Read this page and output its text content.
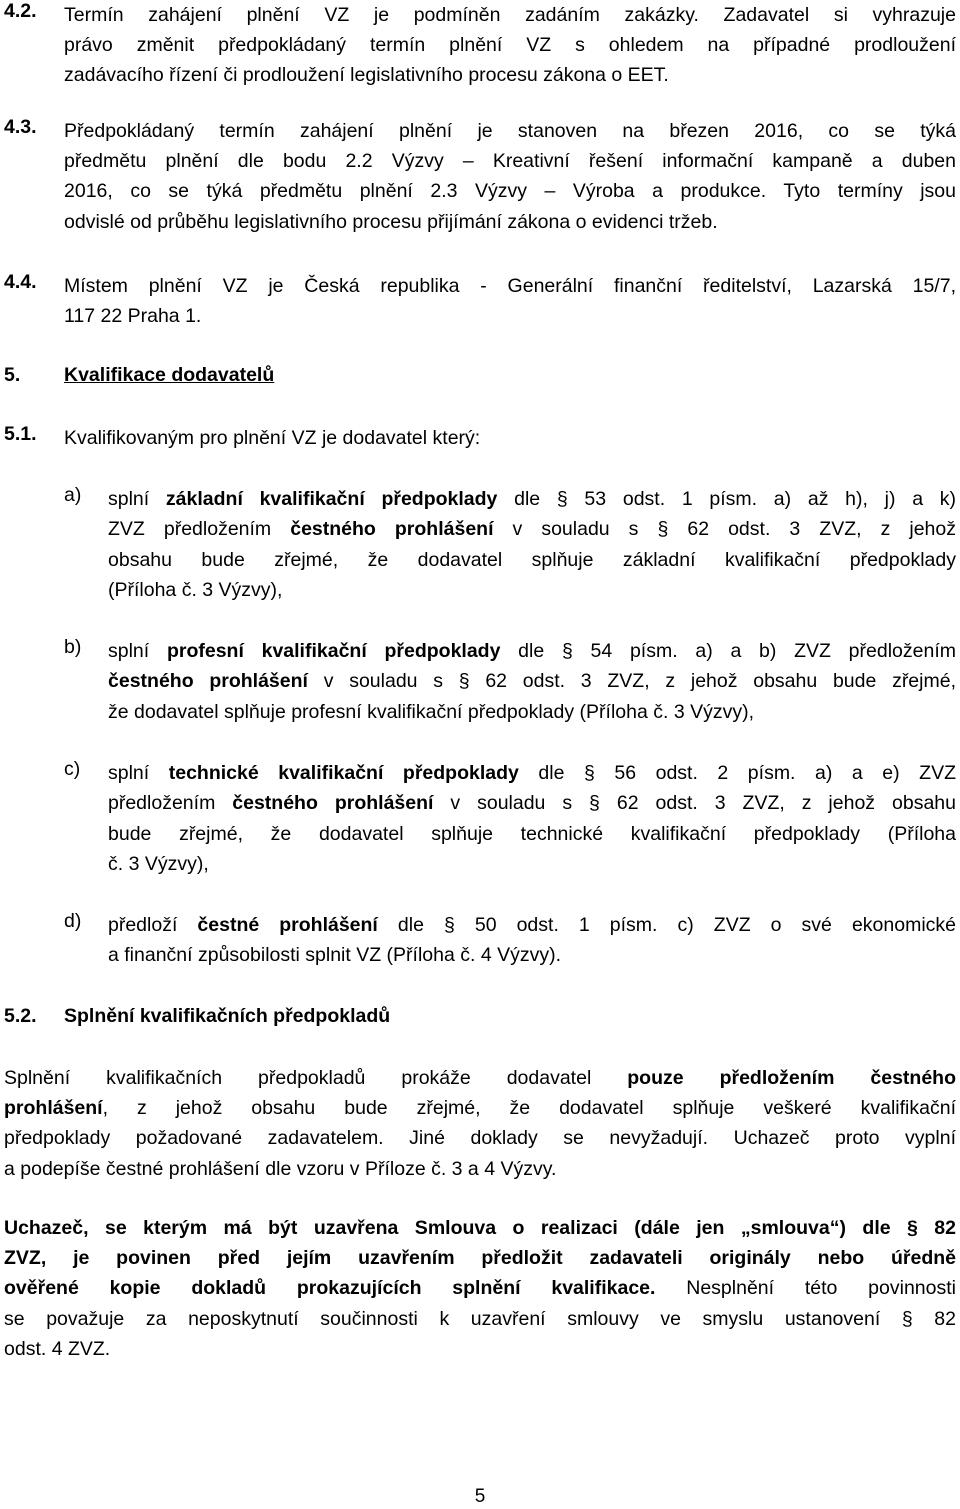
4.2. Termín zahájení plnění VZ je podmíněn zadáním zakázky. Zadavatel si vyhrazuje
právo změnit předpokládaný termín plnění VZ s ohledem na případné prodloužení
zadávacího řízení či prodloužení legislativního procesu zákona o EET.
4.3. Předpokládaný termín zahájení plnění je stanoven na březen 2016, co se týká
předmětu plnění dle bodu 2.2 Výzvy – Kreativní řešení informační kampaně a duben
2016, co se týká předmětu plnění 2.3 Výzvy – Výroba a produkce. Tyto termíny jsou
odvislé od průběhu legislativního procesu přijímání zákona o evidenci tržeb.
4.4. Místem plnění VZ je Česká republika - Generální finanční ředitelství, Lazarská 15/7,
117 22 Praha 1.
5. Kvalifikace dodavatelů
5.1. Kvalifikovaným pro plnění VZ je dodavatel který:
a) splní základní kvalifikační předpoklady dle § 53 odst. 1 písm. a) až h), j) a k)
ZVZ předložením čestného prohlášení v souladu s § 62 odst. 3 ZVZ, z jehož
obsahu bude zřejmé, že dodavatel splňuje základní kvalifikační předpoklady
(Příloha č. 3 Výzvy),
b) splní profesní kvalifikační předpoklady dle § 54 písm. a) a b) ZVZ předložením
čestného prohlášení v souladu s § 62 odst. 3 ZVZ, z jehož obsahu bude zřejmé,
že dodavatel splňuje profesní kvalifikační předpoklady (Příloha č. 3 Výzvy),
c) splní technické kvalifikační předpoklady dle § 56 odst. 2 písm. a) a e) ZVZ
předložením čestného prohlášení v souladu s § 62 odst. 3 ZVZ, z jehož obsahu
bude zřejmé, že dodavatel splňuje technické kvalifikační předpoklady (Příloha
č. 3 Výzvy),
d) předloží čestné prohlášení dle § 50 odst. 1 písm. c) ZVZ o své ekonomické
a finanční způsobilosti splnit VZ (Příloha č. 4 Výzvy).
5.2. Splnění kvalifikačních předpokladů
Splnění kvalifikačních předpokladů prokáže dodavatel pouze předložením čestného
prohlášení, z jehož obsahu bude zřejmé, že dodavatel splňuje veškeré kvalifikační
předpoklady požadované zadavatelem. Jiné doklady se nevyžadují. Uchazeč proto vyplní
a podepíše čestné prohlášení dle vzoru v Příloze č. 3 a 4 Výzvy.
Uchazeč, se kterým má být uzavřena Smlouva o realizaci (dále jen „smlouva“) dle § 82
ZVZ, je povinen před jejím uzavřením předložit zadavateli originály nebo úředně
ověřené kopie dokladů prokazujících splnění kvalifikace. Nesplnění této povinnosti
se považuje za neposkytnutí součinnosti k uzavření smlouvy ve smyslu ustanovení § 82
odst. 4 ZVZ.
5
